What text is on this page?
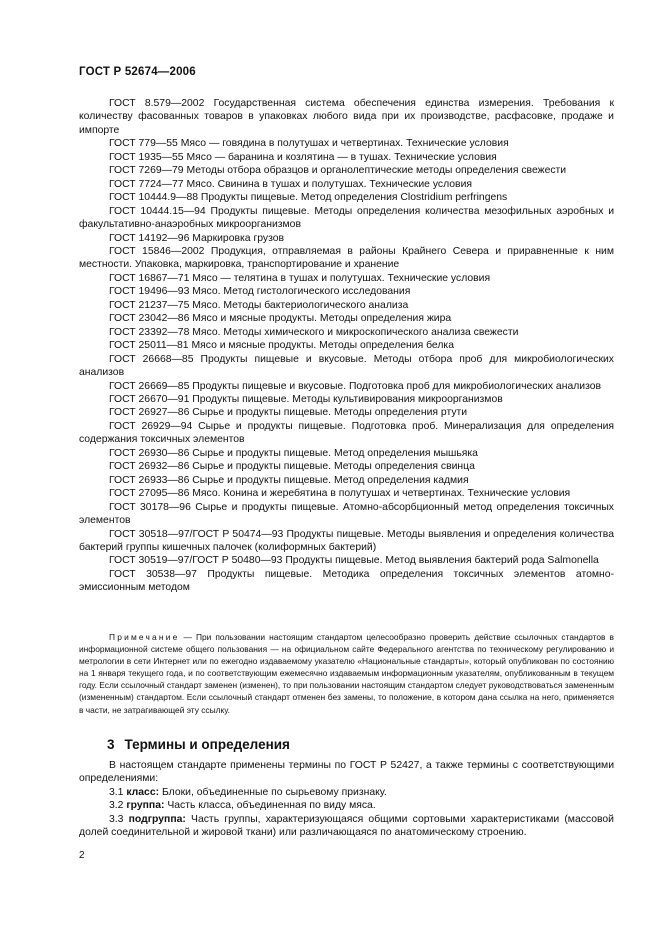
ГОСТ Р 52674—2006

ГОСТ 8.579—2002 Государственная система обеспечения единства измерения. Требования к количеству фасованных товаров в упаковках любого вида при их производстве, расфасовке, продаже и импорте

ГОСТ 779—55 Мясо — говядина в полутушах и четвертинах. Технические условия

ГОСТ 1935—55 Мясо — баранина и козлятина — в тушах. Технические условия

ГОСТ 7269—79 Методы отбора образцов и органолептические методы определения свежести

ГОСТ 7724—77 Мясо. Свинина в тушах и полутушах. Технические условия

ГОСТ 10444.9—88 Продукты пищевые. Метод определения Clostridium perfringens

ГОСТ 10444.15—94 Продукты пищевые. Методы определения количества мезофильных аэробных и факультативно-анаэробных микроорганизмов

ГОСТ 14192—96 Маркировка грузов

ГОСТ 15846—2002 Продукция, отправляемая в районы Крайнего Севера и приравненные к ним местности. Упаковка, маркировка, транспортирование и хранение

ГОСТ 16867—71 Мясо — телятина в тушах и полутушах. Технические условия

ГОСТ 19496—93 Мясо. Метод гистологического исследования

ГОСТ 21237—75 Мясо. Методы бактериологического анализа

ГОСТ 23042—86 Мясо и мясные продукты. Методы определения жира

ГОСТ 23392—78 Мясо. Методы химического и микроскопического анализа свежести

ГОСТ 25011—81 Мясо и мясные продукты. Методы определения белка

ГОСТ 26668—85 Продукты пищевые и вкусовые. Методы отбора проб для микробиологических анализов

ГОСТ 26669—85 Продукты пищевые и вкусовые. Подготовка проб для микробиологических анализов

ГОСТ 26670—91 Продукты пищевые. Методы культивирования микроорганизмов

ГОСТ 26927—86 Сырье и продукты пищевые. Методы определения ртути

ГОСТ 26929—94 Сырье и продукты пищевые. Подготовка проб. Минерализация для определения содержания токсичных элементов

ГОСТ 26930—86 Сырье и продукты пищевые. Метод определения мышьяка

ГОСТ 26932—86 Сырье и продукты пищевые. Методы определения свинца

ГОСТ 26933—86 Сырье и продукты пищевые. Метод определения кадмия

ГОСТ 27095—86 Мясо. Конина и жеребятина в полутушах и четвертинах. Технические условия

ГОСТ 30178—96 Сырье и продукты пищевые. Атомно-абсорбционный метод определения токсичных элементов

ГОСТ 30518—97/ГОСТ Р 50474—93 Продукты пищевые. Методы выявления и определения количества бактерий группы кишечных палочек (колиформных бактерий)

ГОСТ 30519—97/ГОСТ Р 50480—93 Продукты пищевые. Метод выявления бактерий рода Salmonella

ГОСТ 30538—97 Продукты пищевые. Методика определения токсичных элементов атомно-эмиссионным методом

Примечание — При пользовании настоящим стандартом целесообразно проверить действие ссылочных стандартов в информационной системе общего пользования — на официальном сайте Федерального агентства по техническому регулированию и метрологии в сети Интернет или по ежегодно издаваемому указателю «Национальные стандарты», который опубликован по состоянию на 1 января текущего года, и по соответствующим ежемесячно издаваемым информационным указателям, опубликованным в текущем году. Если ссылочный стандарт заменен (изменен), то при пользовании настоящим стандартом следует руководствоваться замененным (измененным) стандартом. Если ссылочный стандарт отменен без замены, то положение, в котором дана ссылка на него, применяется в части, не затрагивающей эту ссылку.
3 Термины и определения

В настоящем стандарте применены термины по ГОСТ Р 52427, а также термины с соответствующими определениями:

3.1 класс: Блоки, объединенные по сырьевому признаку.

3.2 группа: Часть класса, объединенная по виду мяса.

3.3 подгруппа: Часть группы, характеризующаяся общими сортовыми характеристиками (массовой долей соединительной и жировой ткани) или различающаяся по анатомическому строению.

2
